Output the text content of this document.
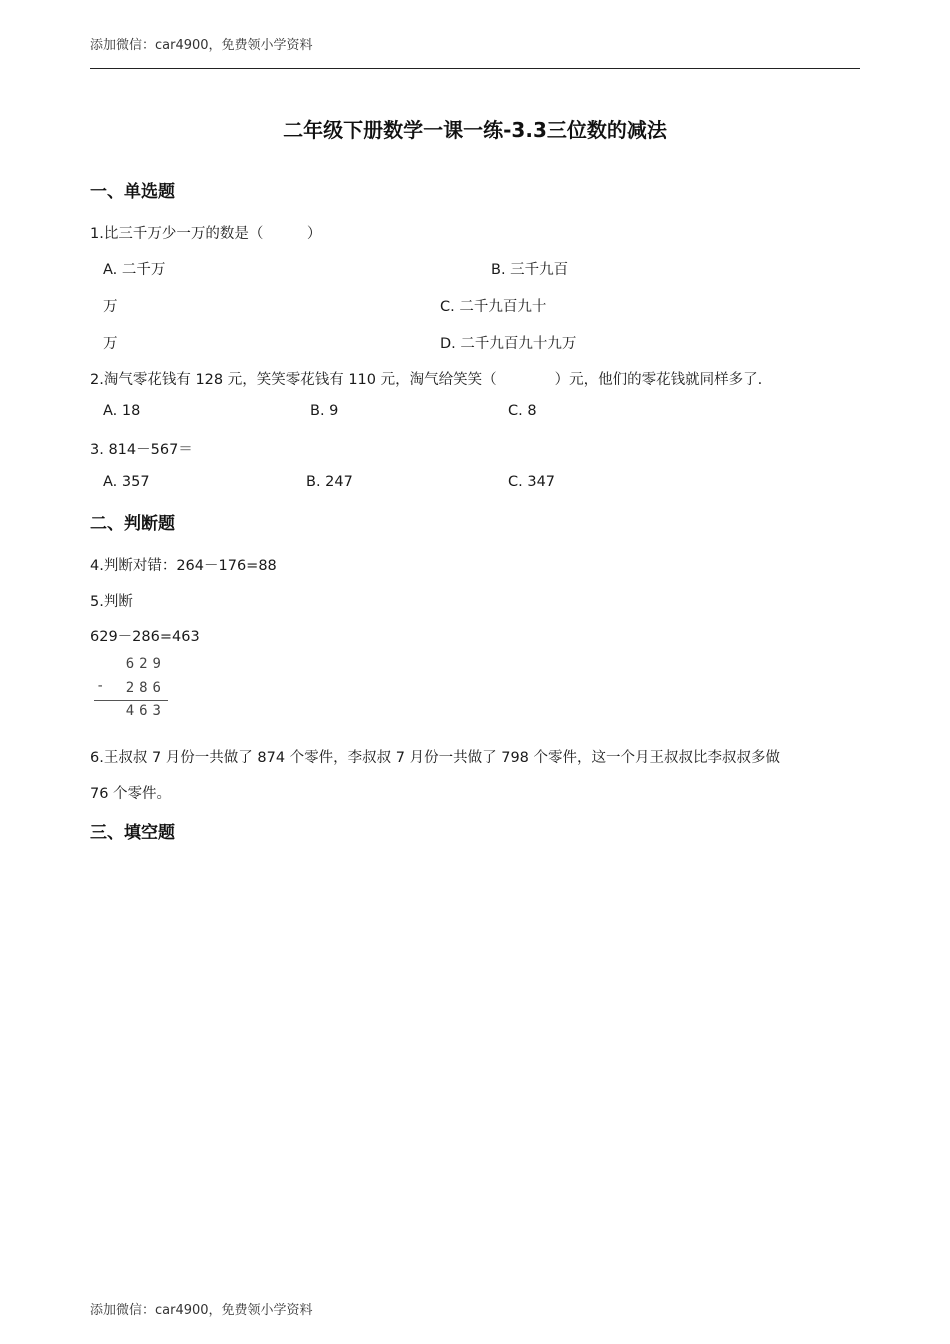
添加微信：car4900，免费领小学资料
二年级下册数学一课一练-3.3三位数的减法
一、单选题
1.比三千万少一万的数是（　　　）
A. 二千万	B. 三千九百
万	C. 二千九百九十
万	D. 二千九百九十九万
2.淘气零花钱有 128 元，笑笑零花钱有 110 元，淘气给笑笑（　　　　）元，他们的零花钱就同样多了.
A. 18	B. 9	C. 8
3. 814－567＝
A. 357	B. 247	C. 347
二、判断题
4.判断对错：264－176=88
5.判断
629－286=463
629
- 286
463
6.王叔叔 7 月份一共做了 874 个零件，李叔叔 7 月份一共做了 798 个零件，这一个月王叔叔比李叔叔多做
76 个零件。
三、填空题
添加微信：car4900，免费领小学资料
